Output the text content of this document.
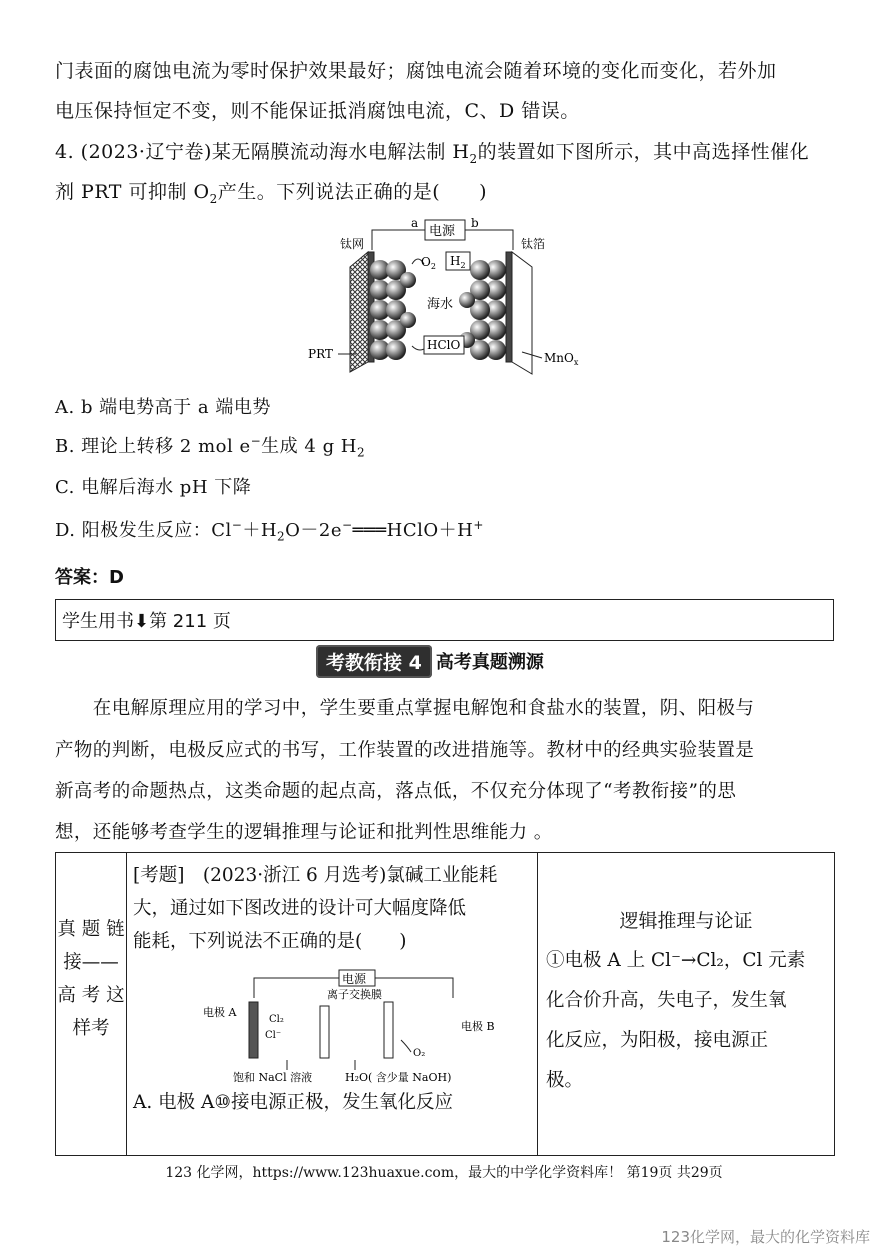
门表面的腐蚀电流为零时保护效果最好；腐蚀电流会随着环境的变化而变化，若外加
电压保持恒定不变，则不能保证抵消腐蚀电流，C、D 错误。
4. (2023·辽宁卷)某无隔膜流动海水电解法制 $H_2$的装置如下图所示，其中高选择性催化
剂 PRT 可抑制 $O_2$产生。下列说法正确的是(　　)
电源
a	b
钛网	钛箔
$O_2$ $H_2$
海水
HClO
PRT	MnO$_x$
A. b 端电势高于 a 端电势
B. 理论上转移 2 mol e−生成 4 g $H_2$
C. 电解后海水 pH 下降
D. 阳极发生反应：$Cl^-+H_2O-2e^-═══HClO+H^+$
答案：D
学生用书⬇第 211 页
考教衔接 4 高考真题溯源
　　在电解原理应用的学习中，学生要重点掌握电解饱和食盐水的装置，阴、阳极与
产物的判断，电极反应式的书写，工作装置的改进措施等。教材中的经典实验装置是
新高考的命题热点，这类命题的起点高，落点低，不仅充分体现了“考教衔接”的思
想，还能够考查学生的逻辑推理与论证和批判性思维能力 。
真 题 链
接——
高 考 这
样考

[考题]　(2023·浙江 6 月选考)氯碱工业能耗
大，通过如下图改进的设计可大幅度降低
能耗，下列说法不正确的是(　　)
电源
离子交换膜
电极 A
电极 B
Cl₂
Cl⁻
O₂
饱和 NaCl 溶液	H₂O( 含少量 NaOH)
A. 电极 A⑩接电源正极，发生氧化反应

逻辑推理与论证
①电极 A 上 Cl⁻→Cl₂，Cl 元素
化合价升高，失电子，发生氧
化反应，为阳极，接电源正
极。
123 化学网，https://www.123huaxue.com，最大的中学化学资料库！ 第19页 共29页
123化学网，最大的化学资料库
